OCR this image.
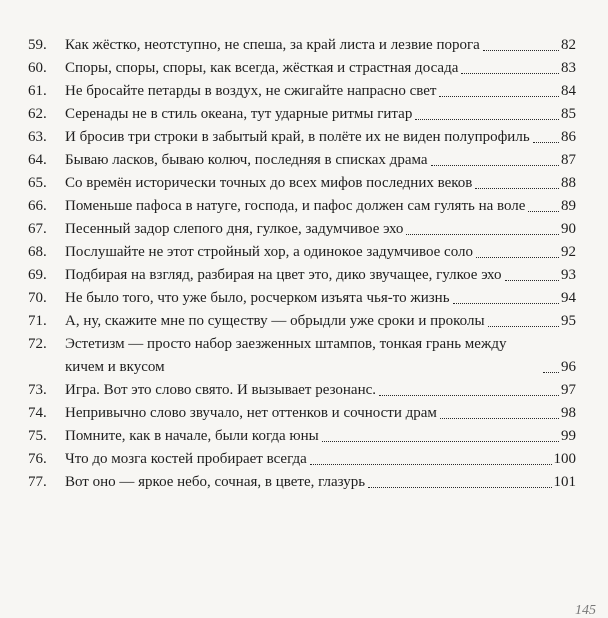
59.	Как жёстко, неотступно, не спеша, за край листа и лезвие порога	82
60.	Споры, споры, споры, как всегда, жёсткая и страстная досада	83
61.	Не бросайте петарды в воздух, не сжигайте напрасно свет	84
62.	Серенады не в стиль океана, тут ударные ритмы гитар	85
63.	И бросив три строки в забытый край, в полёте их не виден полупрофиль 86
64.	Бываю ласков, бываю колюч, последняя в списках драма	87
65.	Со времён исторически точных до всех мифов последних веков	88
66.	Поменьше пафоса в натуге, господа, и пафос должен сам гулять на воле 89
67.	Песенный задор слепого дня, гулкое, задумчивое эхо	90
68.	Послушайте не этот стройный хор, а одинокое задумчивое соло	92
69.	Подбирая на взгляд, разбирая на цвет это, дико звучащее, гулкое эхо	93
70.	Не было того, что уже было, росчерком изъята чья-то жизнь	94
71.	А, ну, скажите мне по существу — обрыдли уже сроки и проколы	95
72.	Эстетизм — просто набор заезженных штампов, тонкая грань между кичем и вкусом	96
73.	Игра. Вот это слово свято. И вызывает резонанс.	97
74.	Непривычно слово звучало, нет оттенков и сочности драм	98
75.	Помните, как в начале, были когда юны	99
76.	Что до мозга костей пробирает всегда	100
77.	Вот оно — яркое небо, сочная, в цвете, глазурь	101
145
